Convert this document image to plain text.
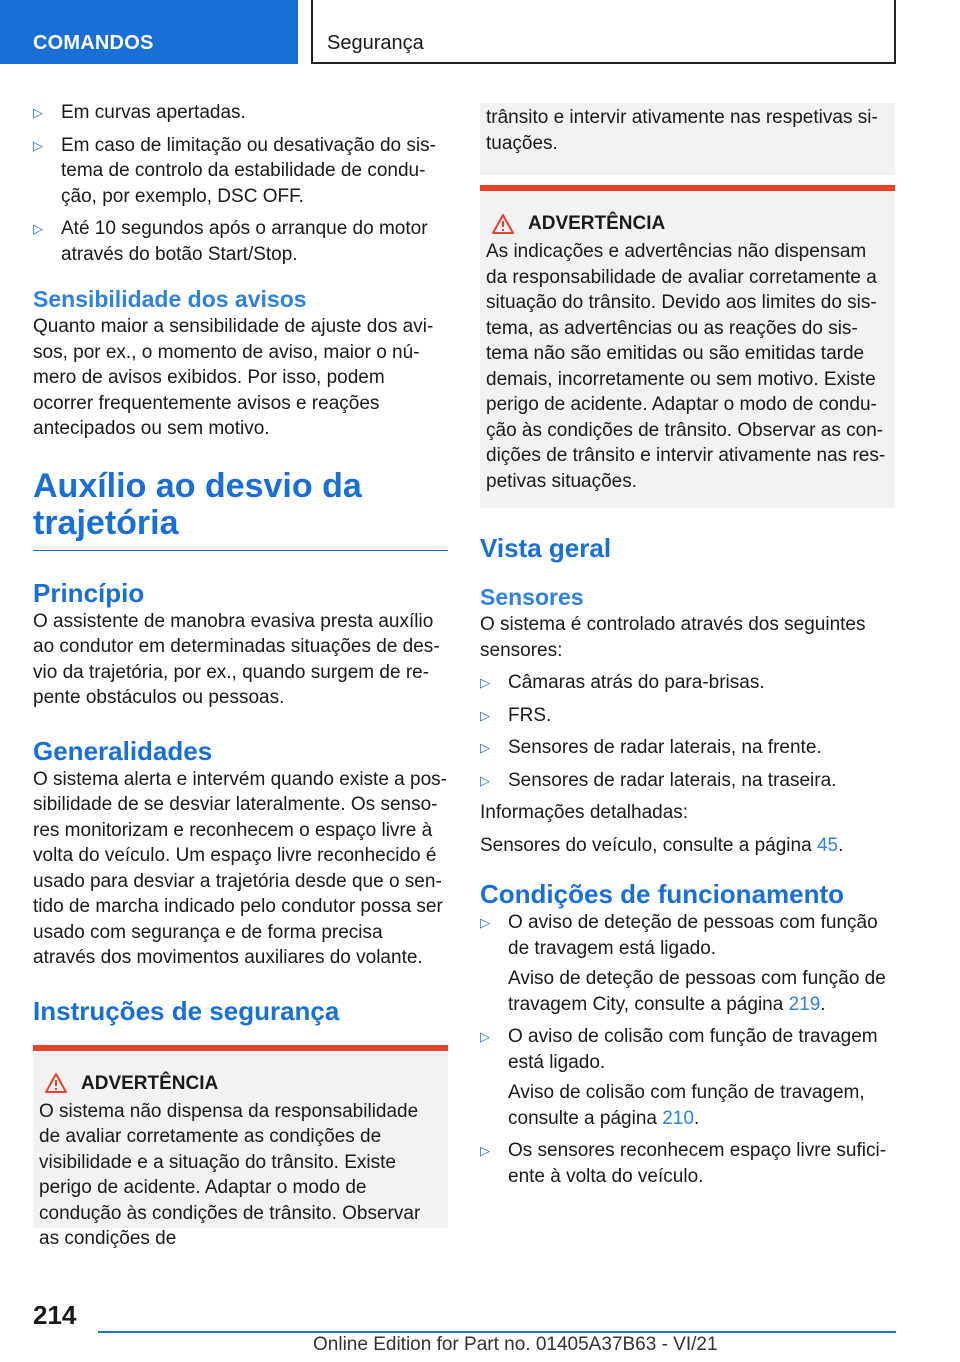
COMANDOS	Segurança
▷ Em curvas apertadas.
▷ Em caso de limitação ou desativação do sistema de controlo da estabilidade de condução, por exemplo, DSC OFF.
▷ Até 10 segundos após o arranque do motor através do botão Start/Stop.
Sensibilidade dos avisos

Quanto maior a sensibilidade de ajuste dos avisos, por ex., o momento de aviso, maior o número de avisos exibidos. Por isso, podem ocorrer frequentemente avisos e reações antecipados ou sem motivo.

Auxílio ao desvio da trajetória
Princípio

O assistente de manobra evasiva presta auxílio ao condutor em determinadas situações de desvio da trajetória, por ex., quando surgem de repente obstáculos ou pessoas.

Generalidades

O sistema alerta e intervém quando existe a possibilidade de se desviar lateralmente. Os sensores monitorizam e reconhecem o espaço livre à volta do veículo. Um espaço livre reconhecido é usado para desviar a trajetória desde que o sentido de marcha indicado pelo condutor possa ser usado com segurança e de forma precisa através dos movimentos auxiliares do volante.

Instruções de segurança
ADVERTÊNCIA

O sistema não dispensa da responsabilidade de avaliar corretamente as condições de visibilidade e a situação do trânsito. Existe perigo de acidente. Adaptar o modo de condução às condições de trânsito. Observar as condições de

trânsito e intervir ativamente nas respetivas situações.

ADVERTÊNCIA

As indicações e advertências não dispensam da responsabilidade de avaliar corretamente a situação do trânsito. Devido aos limites do sistema, as advertências ou as reações do sistema não são emitidas ou são emitidas tarde demais, incorretamente ou sem motivo. Existe perigo de acidente. Adaptar o modo de condução às condições de trânsito. Observar as condições de trânsito e intervir ativamente nas respetivas situações.

Vista geral
Sensores

O sistema é controlado através dos seguintes sensores:

▷ Câmaras atrás do para-brisas.
▷ FRS.
▷ Sensores de radar laterais, na frente.
▷ Sensores de radar laterais, na traseira.

Informações detalhadas:

Sensores do veículo, consulte a página 45.

Condições de funcionamento
▷ O aviso de deteção de pessoas com função de travagem está ligado.

Aviso de deteção de pessoas com função de travagem City, consulte a página 219.

▷ O aviso de colisão com função de travagem está ligado.

Aviso de colisão com função de travagem, consulte a página 210.

▷ Os sensores reconhecem espaço livre suficiente à volta do veículo.
214
Online Edition for Part no. 01405A37B63 - VI/21
